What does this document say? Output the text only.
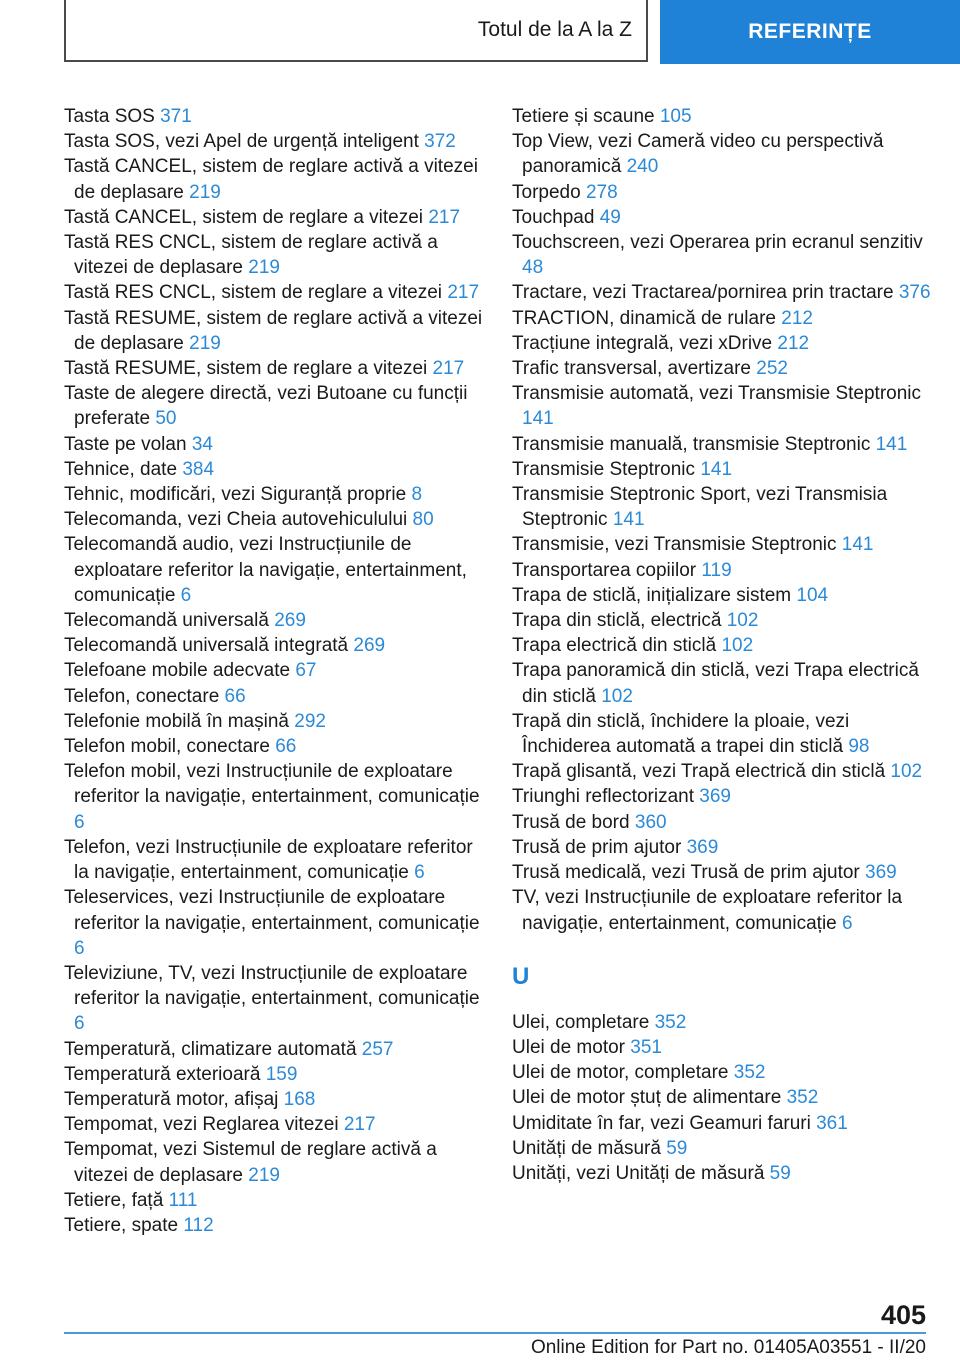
Totul de la A la Z	REFERINȚE
Tasta SOS 371
Tasta SOS, vezi Apel de urgență inteligent 372
Tastă CANCEL, sistem de reglare activă a vitezei de deplasare 219
Tastă CANCEL, sistem de reglare a vitezei 217
Tastă RES CNCL, sistem de reglare activă a vitezei de deplasare 219
Tastă RES CNCL, sistem de reglare a vitezei 217
Tastă RESUME, sistem de reglare activă a vitezei de deplasare 219
Tastă RESUME, sistem de reglare a vitezei 217
Taste de alegere directă, vezi Butoane cu funcții preferate 50
Taste pe volan 34
Tehnice, date 384
Tehnic, modificări, vezi Siguranță proprie 8
Telecomanda, vezi Cheia autovehiculului 80
Telecomandă audio, vezi Instrucțiunile de exploatare referitor la navigație, entertainment, comunicație 6
Telecomandă universală 269
Telecomandă universală integrată 269
Telefoane mobile adecvate 67
Telefon, conectare 66
Telefonie mobilă în mașină 292
Telefon mobil, conectare 66
Telefon mobil, vezi Instrucțiunile de exploatare referitor la navigație, entertainment, comunicație 6
Telefon, vezi Instrucțiunile de exploatare referitor la navigație, entertainment, comunicație 6
Teleservices, vezi Instrucțiunile de exploatare referitor la navigație, entertainment, comunicație 6
Televiziune, TV, vezi Instrucțiunile de exploatare referitor la navigație, entertainment, comunicație 6
Temperatură, climatizare automată 257
Temperatură exterioară 159
Temperatură motor, afișaj 168
Tempomat, vezi Reglarea vitezei 217
Tempomat, vezi Sistemul de reglare activă a vitezei de deplasare 219
Tetiere, față 111
Tetiere, spate 112
Tetiere și scaune 105
Top View, vezi Cameră video cu perspectivă panoramică 240
Torpedo 278
Touchpad 49
Touchscreen, vezi Operarea prin ecranul senzitiv 48
Tractare, vezi Tractarea/pornirea prin tractare 376
TRACTION, dinamică de rulare 212
Tracțiune integrală, vezi xDrive 212
Trafic transversal, avertizare 252
Transmisie automată, vezi Transmisie Steptronic 141
Transmisie manuală, transmisie Steptronic 141
Transmisie Steptronic 141
Transmisie Steptronic Sport, vezi Transmisia Steptronic 141
Transmisie, vezi Transmisie Steptronic 141
Transportarea copiilor 119
Trapa de sticlă, inițializare sistem 104
Trapa din sticlă, electrică 102
Trapa electrică din sticlă 102
Trapa panoramică din sticlă, vezi Trapa electrică din sticlă 102
Trapă din sticlă, închidere la ploaie, vezi Închiderea automată a trapei din sticlă 98
Trapă glisantă, vezi Trapă electrică din sticlă 102
Triunghi reflectorizant 369
Trusă de bord 360
Trusă de prim ajutor 369
Trusă medicală, vezi Trusă de prim ajutor 369
TV, vezi Instrucțiunile de exploatare referitor la navigație, entertainment, comunicație 6
U
Ulei, completare 352
Ulei de motor 351
Ulei de motor, completare 352
Ulei de motor ștuț de alimentare 352
Umiditate în far, vezi Geamuri faruri 361
Unități de măsură 59
Unități, vezi Unități de măsură 59
405
Online Edition for Part no. 01405A03551 - II/20
